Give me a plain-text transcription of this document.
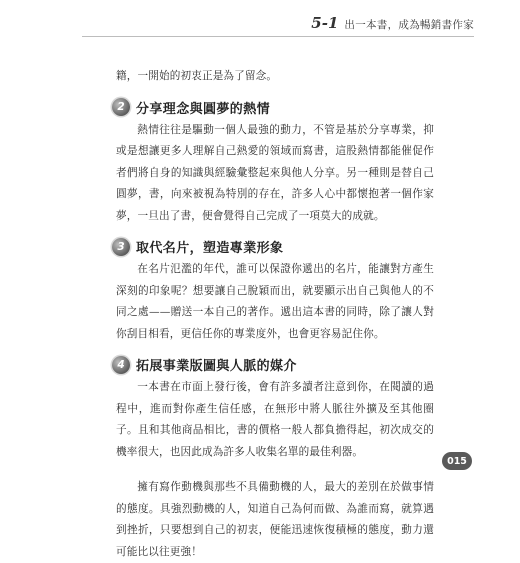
5-1 出一本書，成為暢銷書作家

籍，一開始的初衷正是為了留念。

2 分享理念與圓夢的熱情

熱情往往是驅動一個人最強的動力，不管是基於分享專業，抑或是想讓更多人理解自己熱愛的領域而寫書，這股熱情都能催促作者們將自身的知識與經驗彙整起來與他人分享。另一種則是替自己圓夢，書，向來被視為特別的存在，許多人心中都懷抱著一個作家夢，一旦出了書，便會覺得自己完成了一項莫大的成就。

3 取代名片，塑造專業形象

在名片氾濫的年代，誰可以保證你遞出的名片，能讓對方產生深刻的印象呢？想要讓自己脫穎而出，就要顯示出自己與他人的不同之處——贈送一本自己的著作。遞出這本書的同時，除了讓人對你刮目相看，更信任你的專業度外，也會更容易記住你。

4 拓展事業版圖與人脈的媒介

一本書在市面上發行後，會有許多讀者注意到你，在閱讀的過程中，進而對你產生信任感，在無形中將人脈往外擴及至其他圈子。且和其他商品相比，書的價格一般人都負擔得起，初次成交的機率很大，也因此成為許多人收集名單的最佳利器。

擁有寫作動機與那些不具備動機的人，最大的差別在於做事情的態度。具強烈動機的人，知道自己為何而做、為誰而寫，就算遇到挫折，只要想到自己的初衷，便能迅速恢復積極的態度，動力還可能比以往更強！

015
